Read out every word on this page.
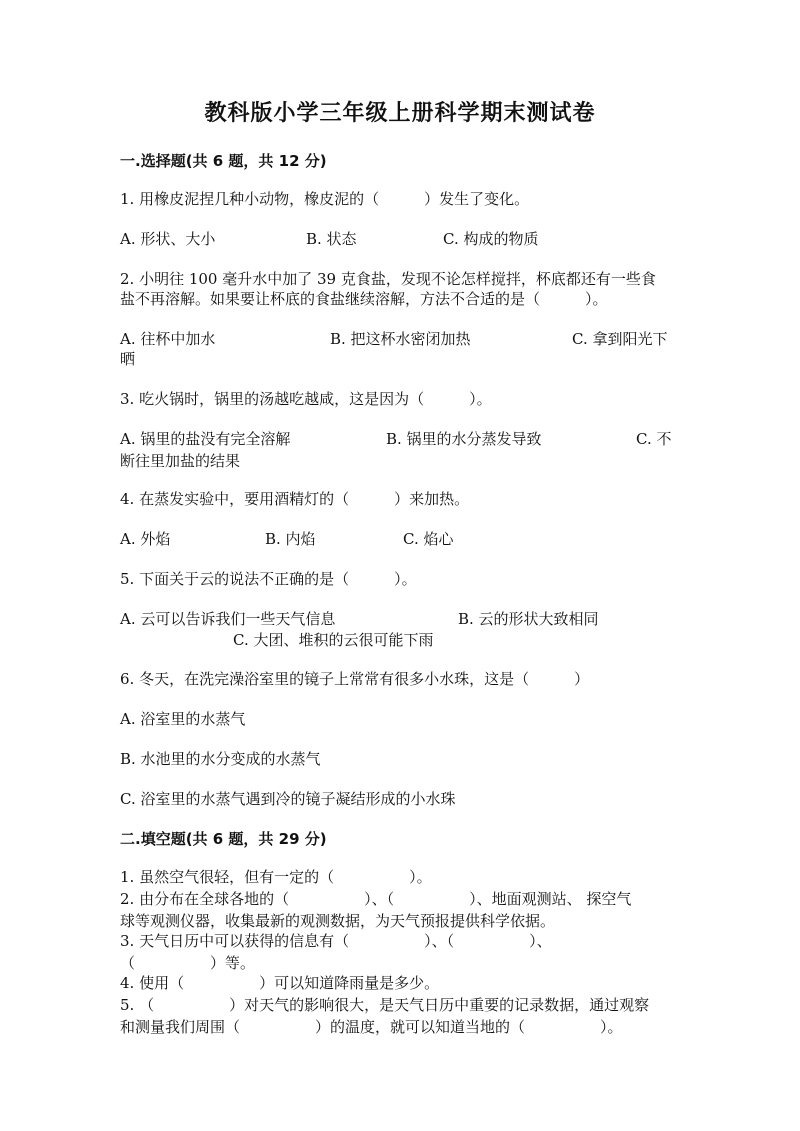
教科版小学三年级上册科学期末测试卷
一.选择题(共 6 题，共 12 分)
1. 用橡皮泥捏几种小动物，橡皮泥的（　　　）发生了变化。
A. 形状、大小	B. 状态	C. 构成的物质
2. 小明往 100 毫升水中加了 39 克食盐，发现不论怎样搅拌，杯底都还有一些食
盐不再溶解。如果要让杯底的食盐继续溶解，方法不合适的是（　　　）。
A. 往杯中加水	B. 把这杯水密闭加热	C. 拿到阳光下
晒
3. 吃火锅时，锅里的汤越吃越咸，这是因为（　　　）。
A. 锅里的盐没有完全溶解	B. 锅里的水分蒸发导致	C. 不
断往里加盐的结果
4. 在蒸发实验中，要用酒精灯的（　　　）来加热。
A. 外焰	B. 内焰	C. 焰心
5. 下面关于云的说法不正确的是（　　　）。
A. 云可以告诉我们一些天气信息	B. 云的形状大致相同
C. 大团、堆积的云很可能下雨
6. 冬天，在洗完澡浴室里的镜子上常常有很多小水珠，这是（　　　）
A. 浴室里的水蒸气
B. 水池里的水分变成的水蒸气
C. 浴室里的水蒸气遇到冷的镜子凝结形成的小水珠
二.填空题(共 6 题，共 29 分)
1. 虽然空气很轻，但有一定的（　　　　　）。
2. 由分布在全球各地的（　　　　　）、（　　　　　）、地面观测站、 探空气
球等观测仪器，收集最新的观测数据，为天气预报提供科学依据。
3. 天气日历中可以获得的信息有（　　　　　）、（　　　　　）、
（　　　　　）等。
4. 使用（　　　　　）可以知道降雨量是多少。
5. （　　　　　）对天气的影响很大，是天气日历中重要的记录数据，通过观察
和测量我们周围（　　　　　）的温度，就可以知道当地的（　　　　　）。
